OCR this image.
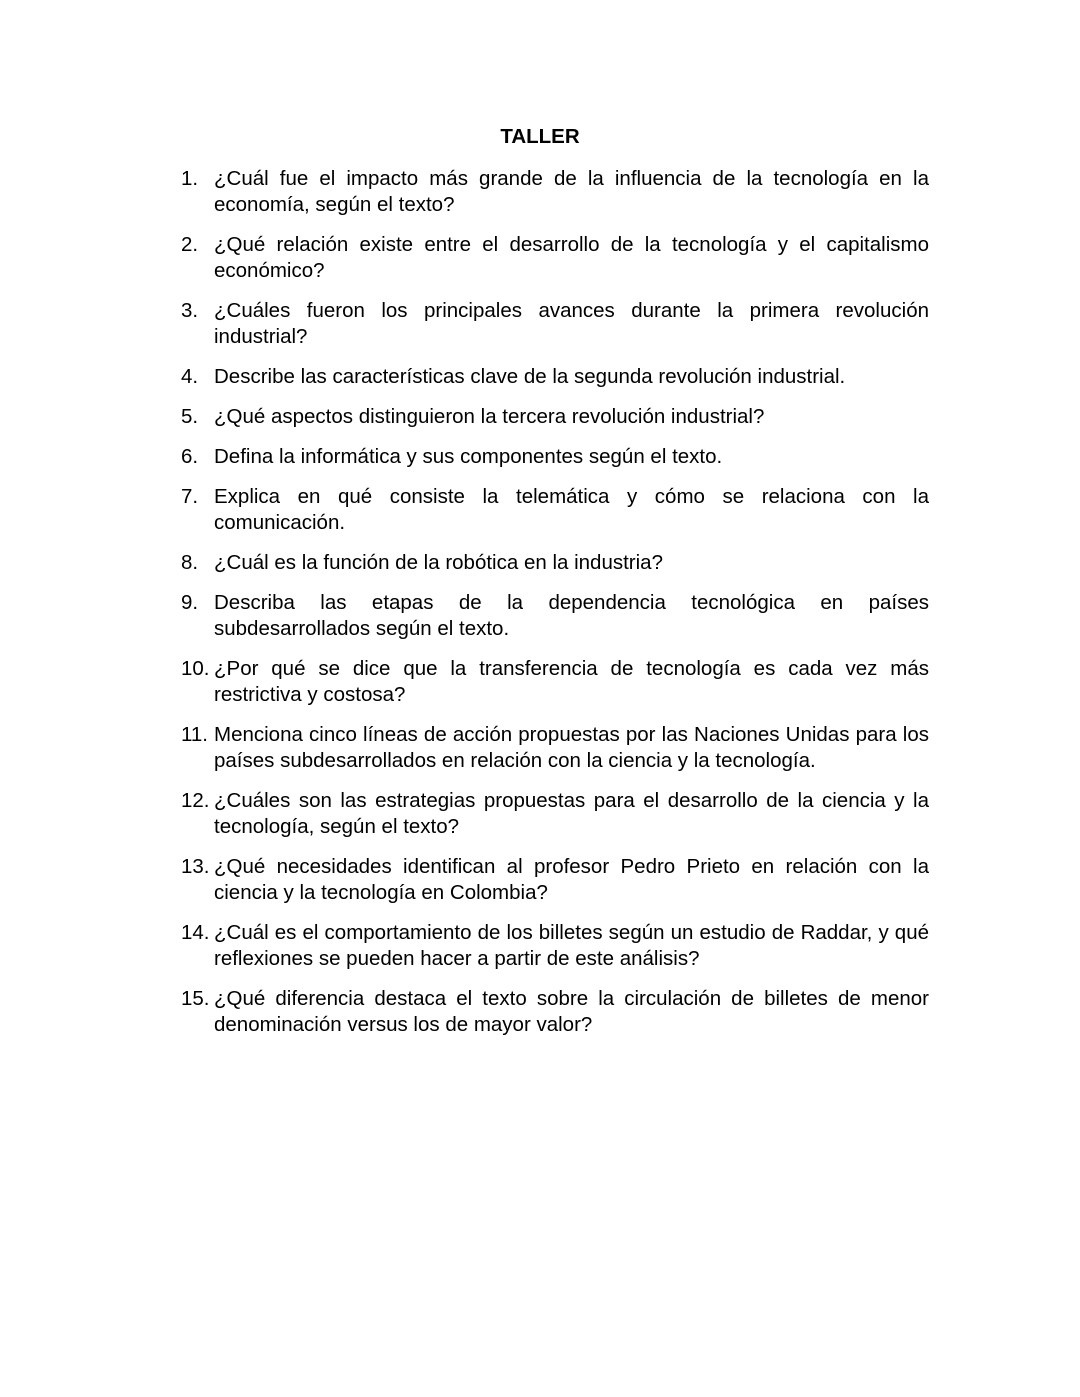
TALLER
1. ¿Cuál fue el impacto más grande de la influencia de la tecnología en la economía, según el texto?
2. ¿Qué relación existe entre el desarrollo de la tecnología y el capitalismo económico?
3. ¿Cuáles fueron los principales avances durante la primera revolución industrial?
4. Describe las características clave de la segunda revolución industrial.
5. ¿Qué aspectos distinguieron la tercera revolución industrial?
6. Defina la informática y sus componentes según el texto.
7. Explica en qué consiste la telemática y cómo se relaciona con la comunicación.
8. ¿Cuál es la función de la robótica en la industria?
9. Describa las etapas de la dependencia tecnológica en países subdesarrollados según el texto.
10. ¿Por qué se dice que la transferencia de tecnología es cada vez más restrictiva y costosa?
11. Menciona cinco líneas de acción propuestas por las Naciones Unidas para los países subdesarrollados en relación con la ciencia y la tecnología.
12. ¿Cuáles son las estrategias propuestas para el desarrollo de la ciencia y la tecnología, según el texto?
13. ¿Qué necesidades identifican al profesor Pedro Prieto en relación con la ciencia y la tecnología en Colombia?
14. ¿Cuál es el comportamiento de los billetes según un estudio de Raddar, y qué reflexiones se pueden hacer a partir de este análisis?
15. ¿Qué diferencia destaca el texto sobre la circulación de billetes de menor denominación versus los de mayor valor?
